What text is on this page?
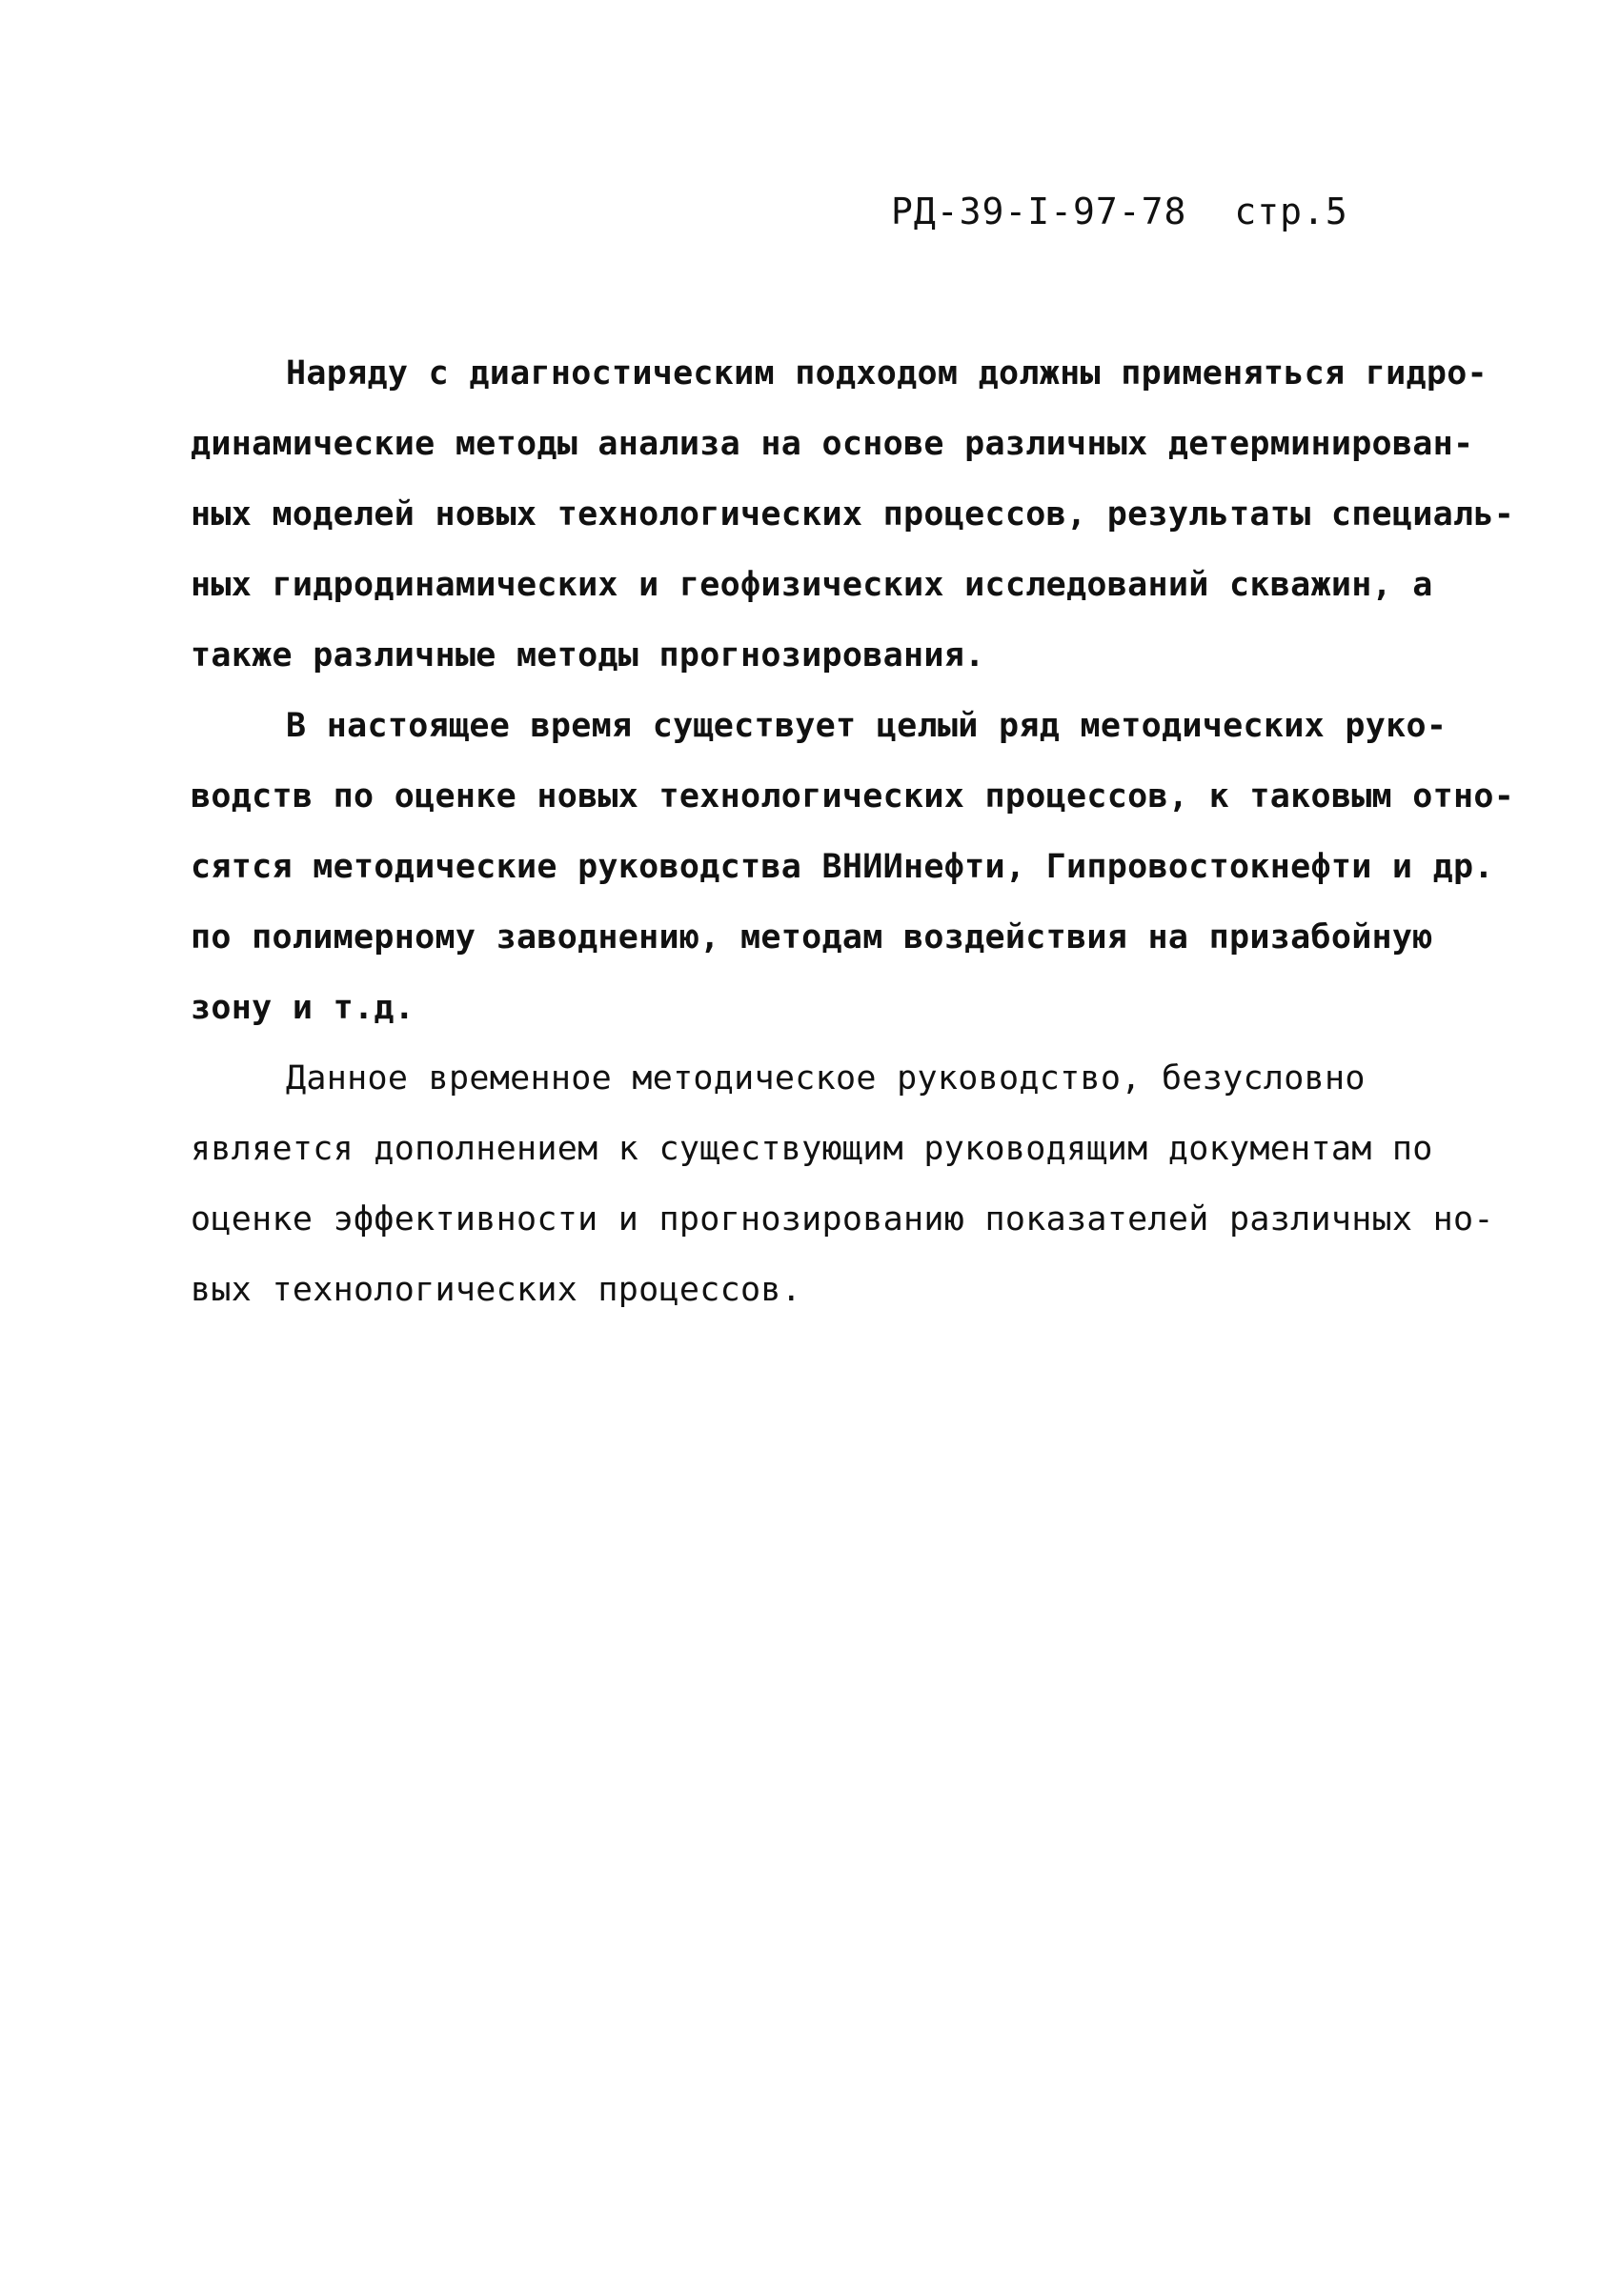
РД-39-I-97-78 стр.5
Наряду с диагностическим подходом должны применяться гидро-
динамические методы анализа на основе различных детерминирован-
ных моделей новых технологических процессов, результаты специаль-
ных гидродинамических и геофизических исследований скважин, а
также различные методы прогнозирования.
В настоящее время существует целый ряд методических руко-
водств по оценке новых технологических процессов, к таковым отно-
сятся методические руководства ВНИИнефти, Гипровостокнефти и др.
по полимерному заводнению, методам воздействия на призабойную
зону и т.д.
Данное временное методическое руководство, безусловно
является дополнением к существующим руководящим документам по
оценке эффективности и прогнозированию показателей различных но-
вых технологических процессов.
